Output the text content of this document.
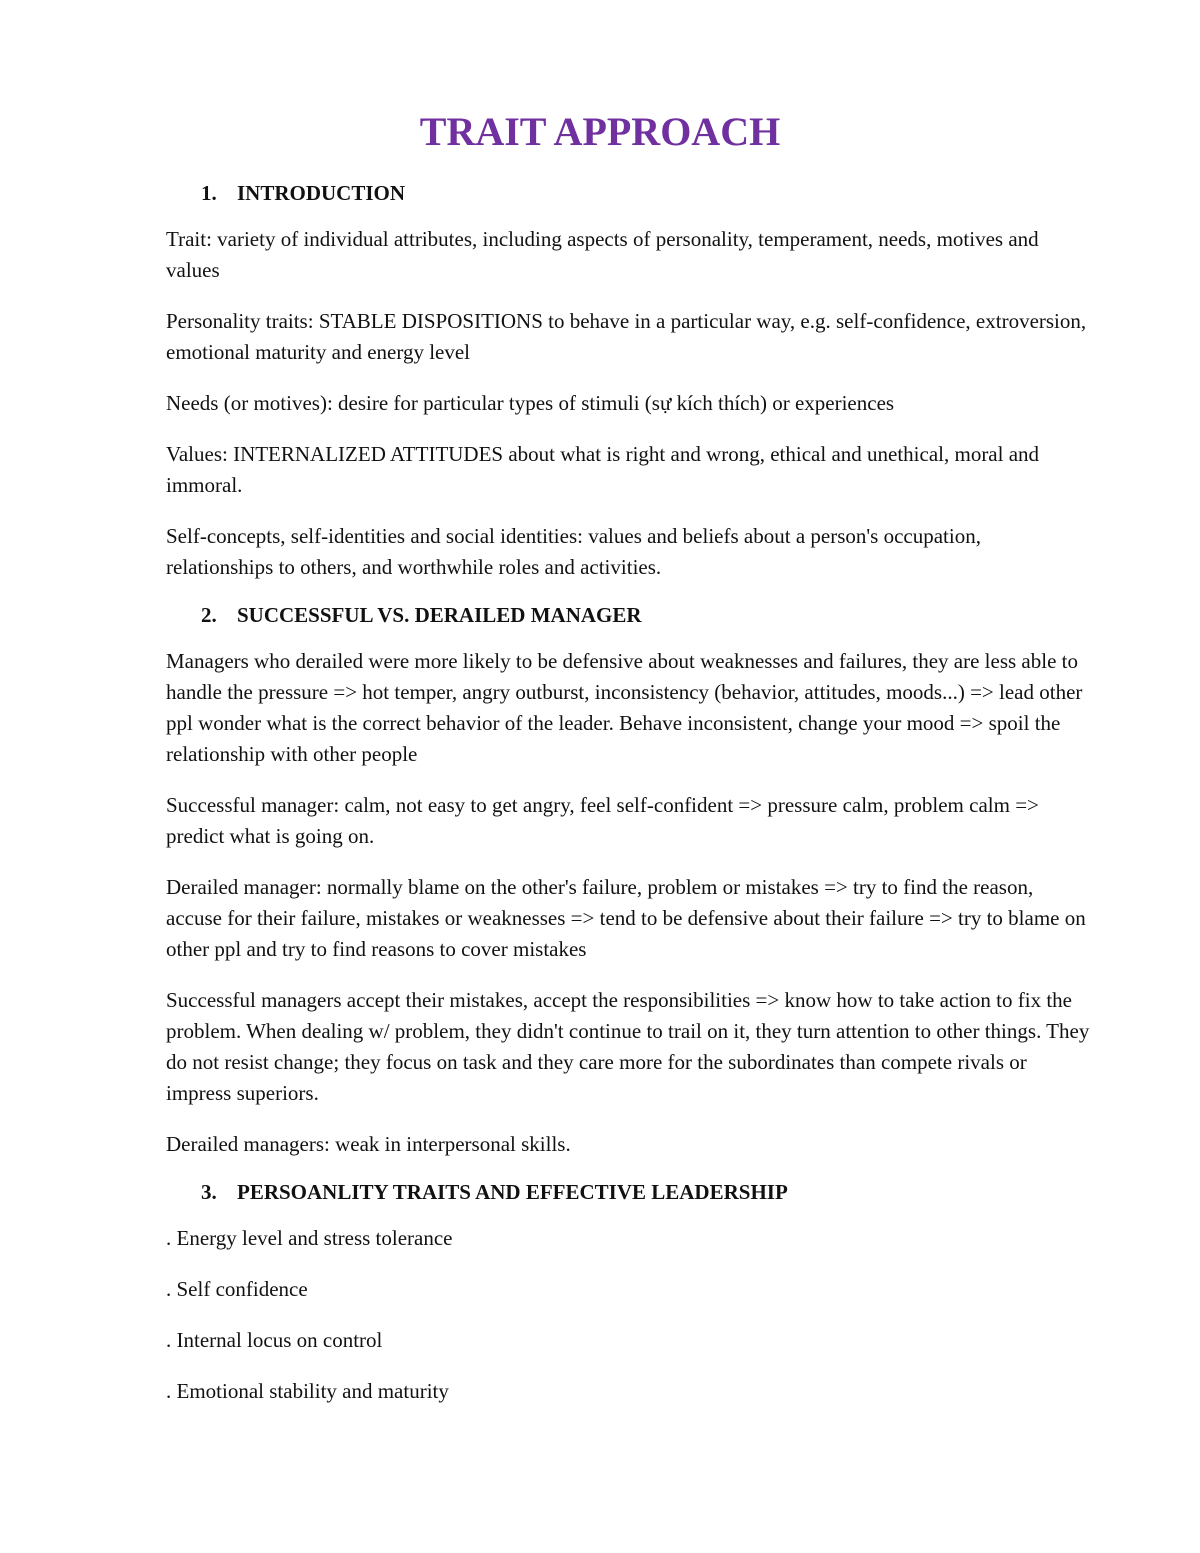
TRAIT APPROACH
1. INTRODUCTION

Trait: variety of individual attributes, including aspects of personality, temperament, needs, motives and values

Personality traits: STABLE DISPOSITIONS to behave in a particular way, e.g. self-confidence, extroversion, emotional maturity and energy level

Needs (or motives): desire for particular types of stimuli (sự kích thích) or experiences

Values: INTERNALIZED ATTITUDES about what is right and wrong, ethical and unethical, moral and immoral.

Self-concepts, self-identities and social identities: values and beliefs about a person's occupation, relationships to others, and worthwhile roles and activities.

2. SUCCESSFUL VS. DERAILED MANAGER

Managers who derailed were more likely to be defensive about weaknesses and failures, they are less able to handle the pressure => hot temper, angry outburst, inconsistency (behavior, attitudes, moods...) => lead other ppl wonder what is the correct behavior of the leader. Behave inconsistent, change your mood => spoil the relationship with other people

Successful manager: calm, not easy to get angry, feel self-confident => pressure calm, problem calm => predict what is going on.

Derailed manager: normally blame on the other's failure, problem or mistakes => try to find the reason, accuse for their failure, mistakes or weaknesses => tend to be defensive about their failure => try to blame on other ppl and try to find reasons to cover mistakes

Successful managers accept their mistakes, accept the responsibilities => know how to take action to fix the problem. When dealing w/ problem, they didn't continue to trail on it, they turn attention to other things. They do not resist change; they focus on task and they care more for the subordinates than compete rivals or impress superiors.

Derailed managers: weak in interpersonal skills.

3. PERSOANLITY TRAITS AND EFFECTIVE LEADERSHIP

. Energy level and stress tolerance

. Self confidence

. Internal locus on control

. Emotional stability and maturity
